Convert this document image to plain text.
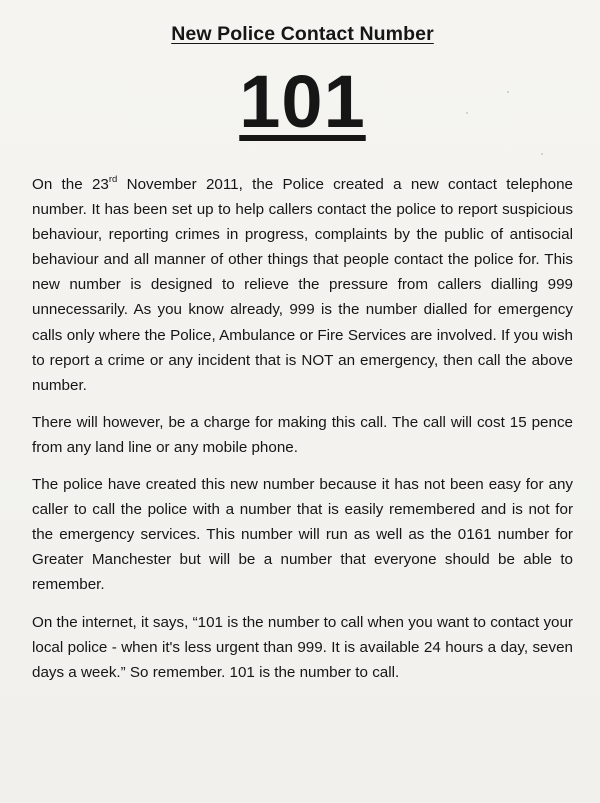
New Police Contact Number
101

On the 23rd November 2011, the Police created a new contact telephone number. It has been set up to help callers contact the police to report suspicious behaviour, reporting crimes in progress, complaints by the public of antisocial behaviour and all manner of other things that people contact the police for. This new number is designed to relieve the pressure from callers dialling 999 unnecessarily. As you know already, 999 is the number dialled for emergency calls only where the Police, Ambulance or Fire Services are involved. If you wish to report a crime or any incident that is NOT an emergency, then call the above number.

There will however, be a charge for making this call. The call will cost 15 pence from any land line or any mobile phone.

The police have created this new number because it has not been easy for any caller to call the police with a number that is easily remembered and is not for the emergency services. This number will run as well as the 0161 number for Greater Manchester but will be a number that everyone should be able to remember.

On the internet, it says, “101 is the number to call when you want to contact your local police - when it's less urgent than 999. It is available 24 hours a day, seven days a week.” So remember. 101 is the number to call.
